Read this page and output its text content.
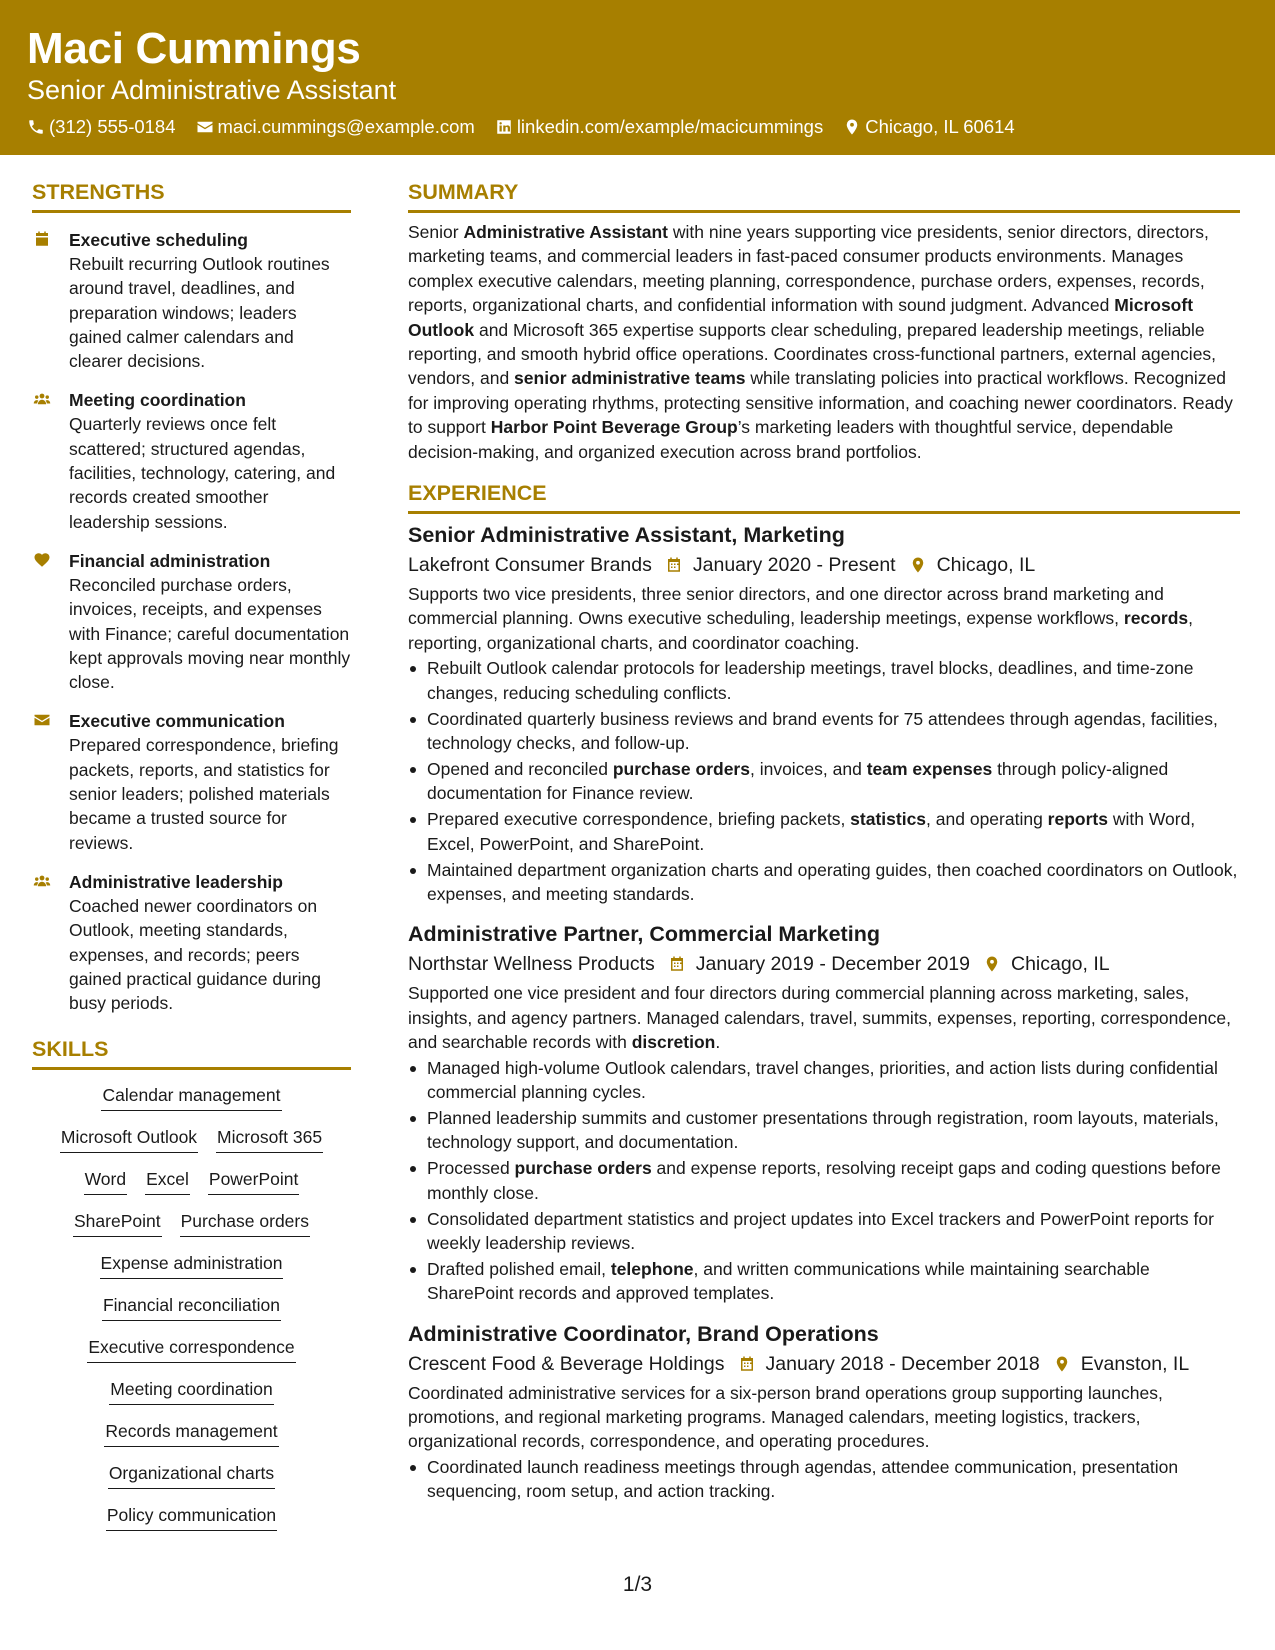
Maci Cummings
Senior Administrative Assistant
(312) 555-0184 maci.cummings@example.com linkedin.com/example/macicummings Chicago, IL 60614
STRENGTHS
Executive scheduling
Rebuilt recurring Outlook routines around travel, deadlines, and preparation windows; leaders gained calmer calendars and clearer decisions.
Meeting coordination
Quarterly reviews once felt scattered; structured agendas, facilities, technology, catering, and records created smoother leadership sessions.
Financial administration
Reconciled purchase orders, invoices, receipts, and expenses with Finance; careful documentation kept approvals moving near monthly close.
Executive communication
Prepared correspondence, briefing packets, reports, and statistics for senior leaders; polished materials became a trusted source for reviews.
Administrative leadership
Coached newer coordinators on Outlook, meeting standards, expenses, and records; peers gained practical guidance during busy periods.
SKILLS
Calendar management
Microsoft Outlook Microsoft 365
Word Excel PowerPoint
SharePoint Purchase orders
Expense administration
Financial reconciliation
Executive correspondence
Meeting coordination
Records management
Organizational charts
Policy communication
SUMMARY
Senior Administrative Assistant with nine years supporting vice presidents, senior directors, directors, marketing teams, and commercial leaders in fast-paced consumer products environments. Manages complex executive calendars, meeting planning, correspondence, purchase orders, expenses, records, reports, organizational charts, and confidential information with sound judgment. Advanced Microsoft Outlook and Microsoft 365 expertise supports clear scheduling, prepared leadership meetings, reliable reporting, and smooth hybrid office operations. Coordinates cross-functional partners, external agencies, vendors, and senior administrative teams while translating policies into practical workflows. Recognized for improving operating rhythms, protecting sensitive information, and coaching newer coordinators. Ready to support Harbor Point Beverage Group’s marketing leaders with thoughtful service, dependable decision-making, and organized execution across brand portfolios.
EXPERIENCE
Senior Administrative Assistant, Marketing
Lakefront Consumer Brands January 2020 - Present Chicago, IL
Supports two vice presidents, three senior directors, and one director across brand marketing and commercial planning. Owns executive scheduling, leadership meetings, expense workflows, records, reporting, organizational charts, and coordinator coaching.
Rebuilt Outlook calendar protocols for leadership meetings, travel blocks, deadlines, and time-zone changes, reducing scheduling conflicts.
Coordinated quarterly business reviews and brand events for 75 attendees through agendas, facilities, technology checks, and follow-up.
Opened and reconciled purchase orders, invoices, and team expenses through policy-aligned documentation for Finance review.
Prepared executive correspondence, briefing packets, statistics, and operating reports with Word, Excel, PowerPoint, and SharePoint.
Maintained department organization charts and operating guides, then coached coordinators on Outlook, expenses, and meeting standards.
Administrative Partner, Commercial Marketing
Northstar Wellness Products January 2019 - December 2019 Chicago, IL
Supported one vice president and four directors during commercial planning across marketing, sales, insights, and agency partners. Managed calendars, travel, summits, expenses, reporting, correspondence, and searchable records with discretion.
Managed high-volume Outlook calendars, travel changes, priorities, and action lists during confidential commercial planning cycles.
Planned leadership summits and customer presentations through registration, room layouts, materials, technology support, and documentation.
Processed purchase orders and expense reports, resolving receipt gaps and coding questions before monthly close.
Consolidated department statistics and project updates into Excel trackers and PowerPoint reports for weekly leadership reviews.
Drafted polished email, telephone, and written communications while maintaining searchable SharePoint records and approved templates.
Administrative Coordinator, Brand Operations
Crescent Food & Beverage Holdings January 2018 - December 2018 Evanston, IL
Coordinated administrative services for a six-person brand operations group supporting launches, promotions, and regional marketing programs. Managed calendars, meeting logistics, trackers, organizational records, correspondence, and operating procedures.
Coordinated launch readiness meetings through agendas, attendee communication, presentation sequencing, room setup, and action tracking.
1/3
